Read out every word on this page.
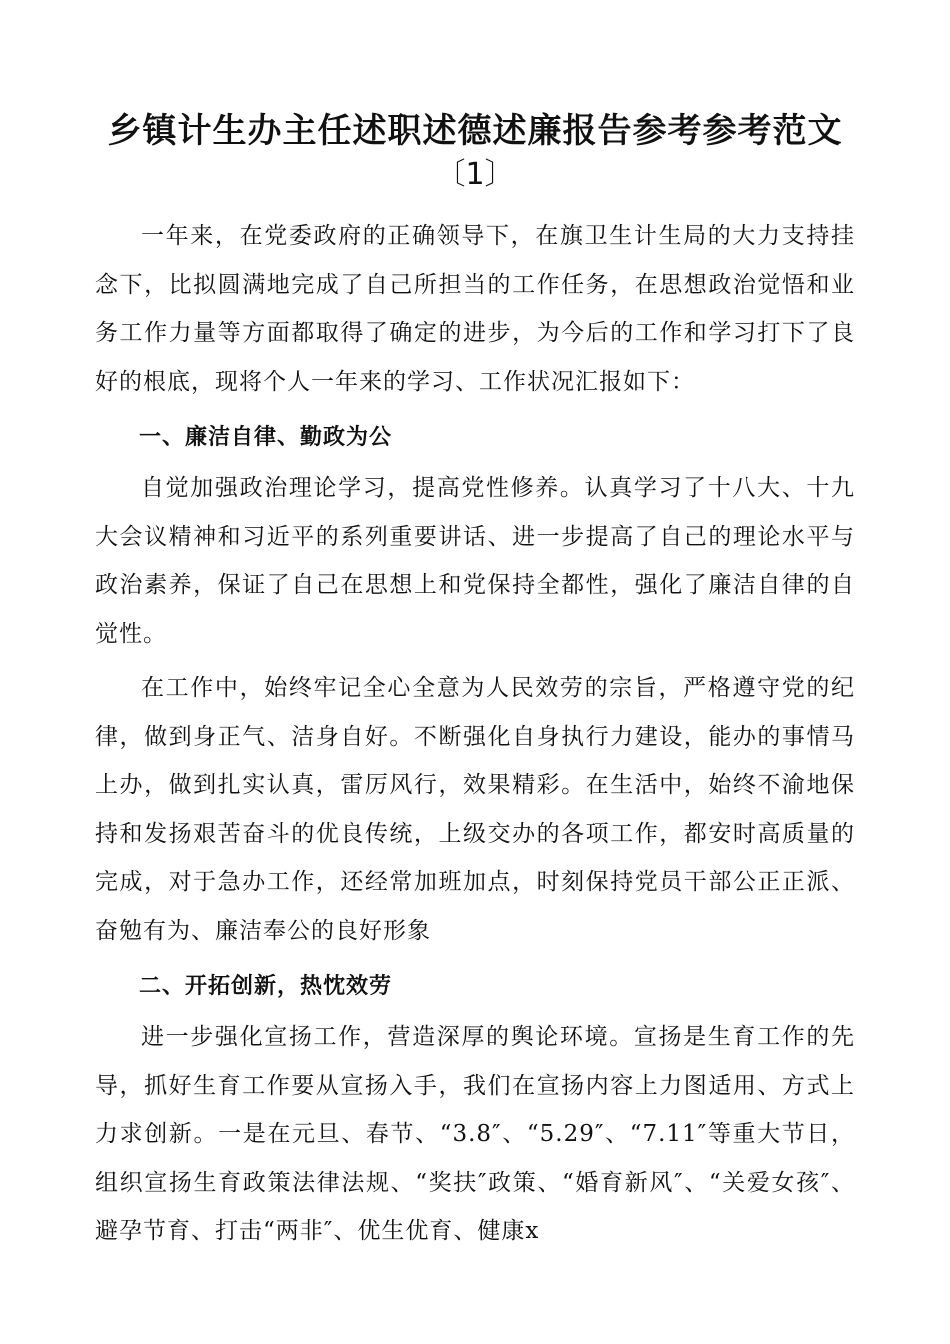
乡镇计生办主任述职述德述廉报告参考参考范文
〔1〕

一年来，在党委政府的正确领导下，在旗卫生计生局的大力支持挂念下，比拟圆满地完成了自己所担当的工作任务，在思想政治觉悟和业务工作力量等方面都取得了确定的进步，为今后的工作和学习打下了良好的根底，现将个人一年来的学习、工作状况汇报如下：

一、廉洁自律、勤政为公

自觉加强政治理论学习，提高党性修养。认真学习了十八大、十九大会议精神和习近平的系列重要讲话、进一步提高了自己的理论水平与政治素养，保证了自己在思想上和党保持全都性，强化了廉洁自律的自觉性。

在工作中，始终牢记全心全意为人民效劳的宗旨，严格遵守党的纪律，做到身正气、洁身自好。不断强化自身执行力建设，能办的事情马上办，做到扎实认真，雷厉风行，效果精彩。在生活中，始终不渝地保持和发扬艰苦奋斗的优良传统，上级交办的各项工作，都安时高质量的完成，对于急办工作，还经常加班加点，时刻保持党员干部公正正派、奋勉有为、廉洁奉公的良好形象

二、开拓创新，热忱效劳

进一步强化宣扬工作，营造深厚的舆论环境。宣扬是生育工作的先导，抓好生育工作要从宣扬入手，我们在宣扬内容上力图适用、方式上力求创新。一是在元旦、春节、“3.8″、“5.29″、“7.11″等重大节日，组织宣扬生育政策法律法规、“奖扶″政策、“婚育新风″、“关爱女孩″、避孕节育、打击“两非″、优生优育、健康x
